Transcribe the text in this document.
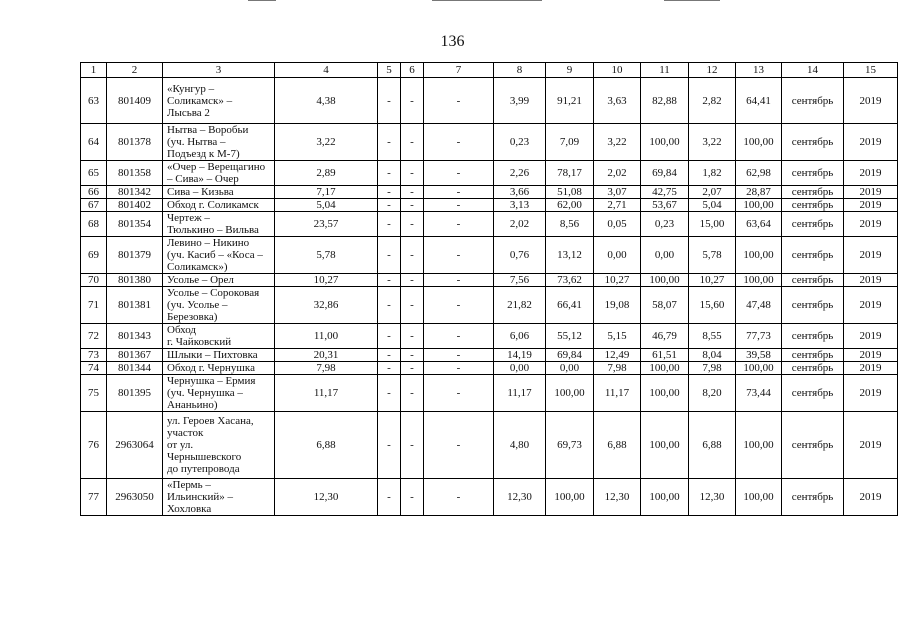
136
1	2	3	4	5	6	7	8	9	10	11	12	13	14	15
63	801409	«Кунгур –
Соликамск» –
Лысьва 2	4,38	-	-	-	3,99	91,21	3,63	82,88	2,82	64,41	сентябрь	2019
64	801378	Нытва – Воробьи
(уч. Нытва –
Подъезд к М-7)	3,22	-	-	-	0,23	7,09	3,22	100,00	3,22	100,00	сентябрь	2019
65	801358	«Очер – Верещагино
– Сива» – Очер	2,89	-	-	-	2,26	78,17	2,02	69,84	1,82	62,98	сентябрь	2019
66	801342	Сива – Кизьва	7,17	-	-	-	3,66	51,08	3,07	42,75	2,07	28,87	сентябрь	2019
67	801402	Обход г. Соликамск	5,04	-	-	-	3,13	62,00	2,71	53,67	5,04	100,00	сентябрь	2019
68	801354	Чертеж –
Тюлькино – Вильва	23,57	-	-	-	2,02	8,56	0,05	0,23	15,00	63,64	сентябрь	2019
69	801379	Левино – Никино
(уч. Касиб – «Коса –
Соликамск»)	5,78	-	-	-	0,76	13,12	0,00	0,00	5,78	100,00	сентябрь	2019
70	801380	Усолье – Орел	10,27	-	-	-	7,56	73,62	10,27	100,00	10,27	100,00	сентябрь	2019
71	801381	Усолье – Сороковая
(уч. Усолье –
Березовка)	32,86	-	-	-	21,82	66,41	19,08	58,07	15,60	47,48	сентябрь	2019
72	801343	Обход
г. Чайковский	11,00	-	-	-	6,06	55,12	5,15	46,79	8,55	77,73	сентябрь	2019
73	801367	Шлыки – Пихтовка	20,31	-	-	-	14,19	69,84	12,49	61,51	8,04	39,58	сентябрь	2019
74	801344	Обход г. Чернушка	7,98	-	-	-	0,00	0,00	7,98	100,00	7,98	100,00	сентябрь	2019
75	801395	Чернушка – Ермия
(уч. Чернушка –
Ананьино)	11,17	-	-	-	11,17	100,00	11,17	100,00	8,20	73,44	сентябрь	2019
76	2963064	ул. Героев Хасана,
участок
от ул.
Чернышевского
до путепровода	6,88	-	-	-	4,80	69,73	6,88	100,00	6,88	100,00	сентябрь	2019
77	2963050	«Пермь –
Ильинский» –
Хохловка	12,30	-	-	-	12,30	100,00	12,30	100,00	12,30	100,00	сентябрь	2019
